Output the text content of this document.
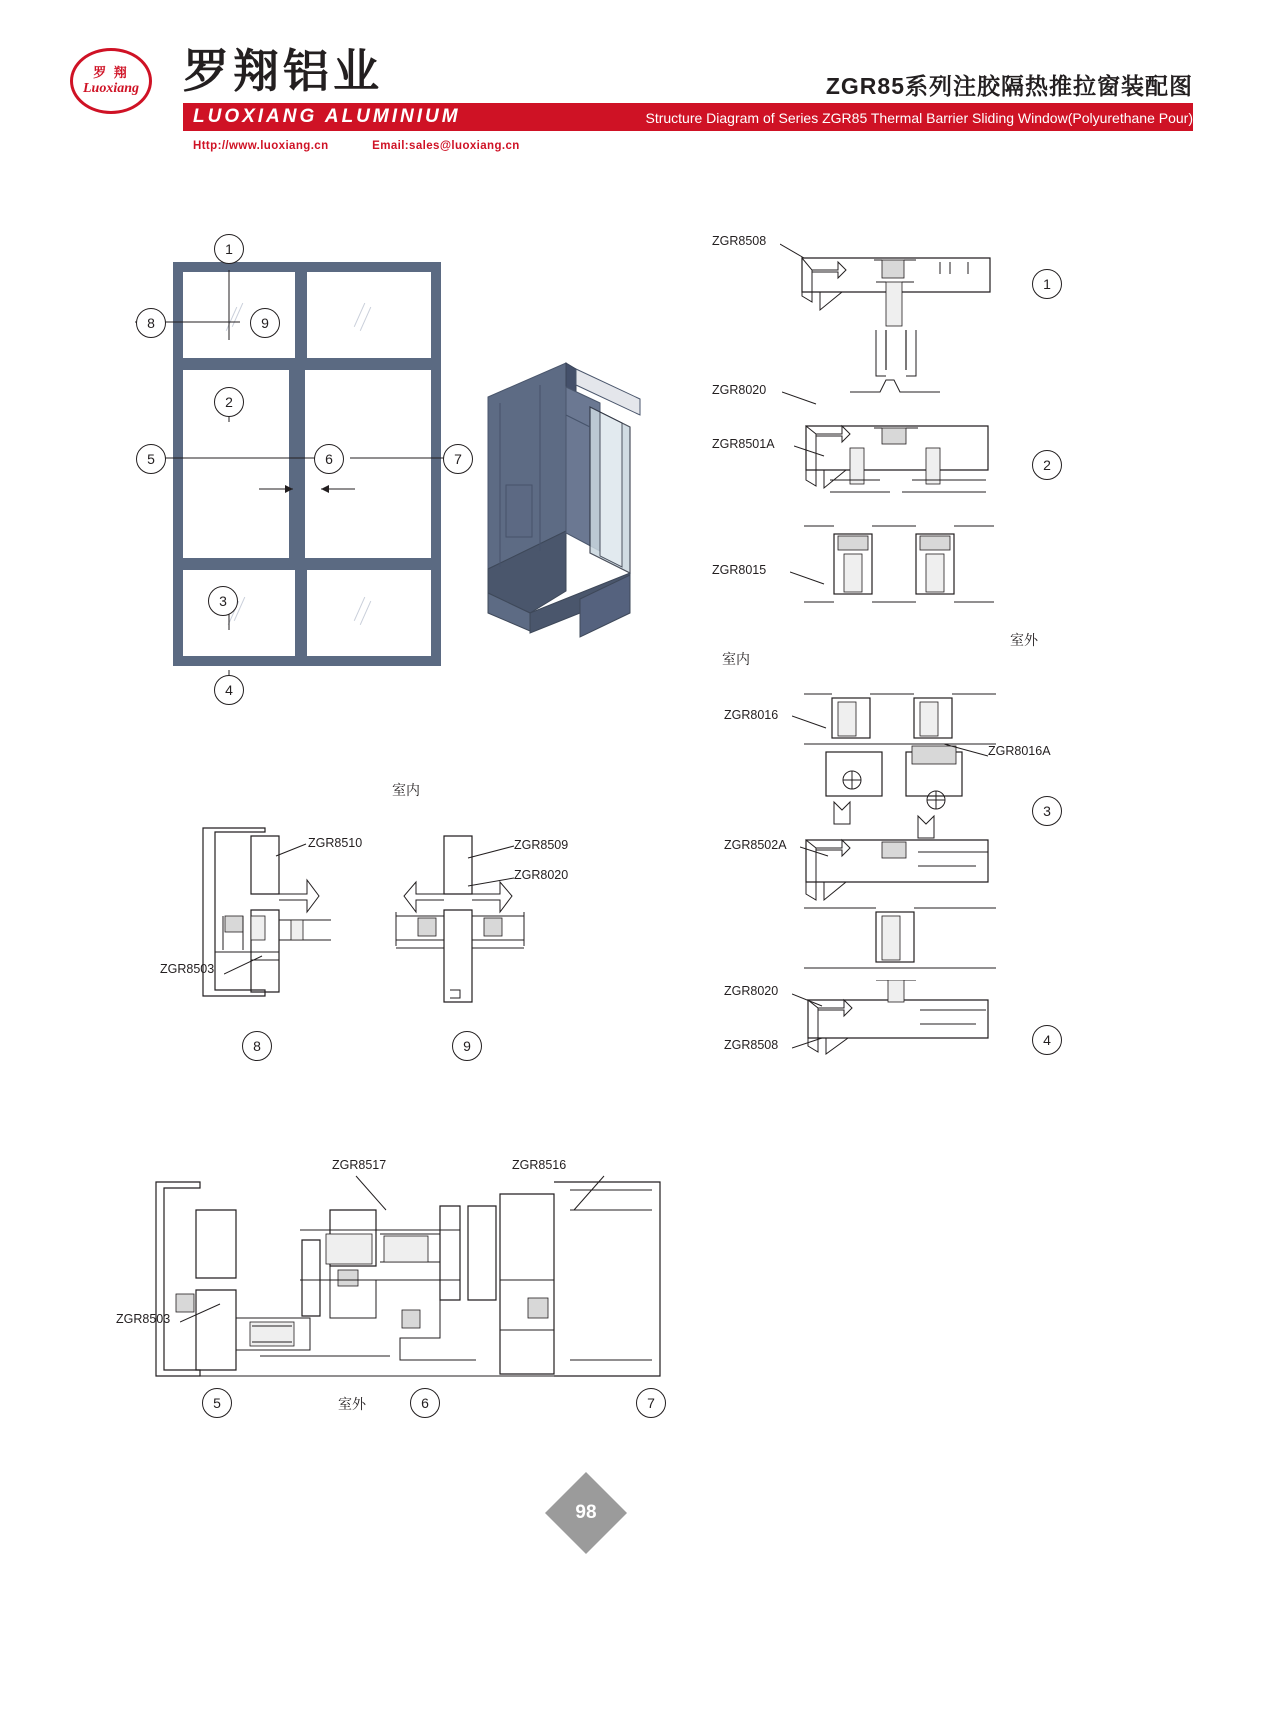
罗 翔
Luoxiang 罗翔铝业
LUOXIANG ALUMINIUM
ZGR85系列注胶隔热推拉窗装配图
Structure Diagram of Series ZGR85 Thermal Barrier Sliding Window(Polyurethane Pour)
Http://www.luoxiang.cn	Email:sales@luoxiang.cn
1
8	9
2
5	6	7
3
4
ZGR8508
1
ZGR8020
ZGR8501A
ZGR8015
2
室外
室内
ZGR8016
ZGR8016A
ZGR8502A
3
ZGR8020
ZGR8508	4
室内
ZGR8510
ZGR8503
8
ZGR8509
ZGR8020
9
ZGR8517	ZGR8516
ZGR8503
5	室外	6	7
98
